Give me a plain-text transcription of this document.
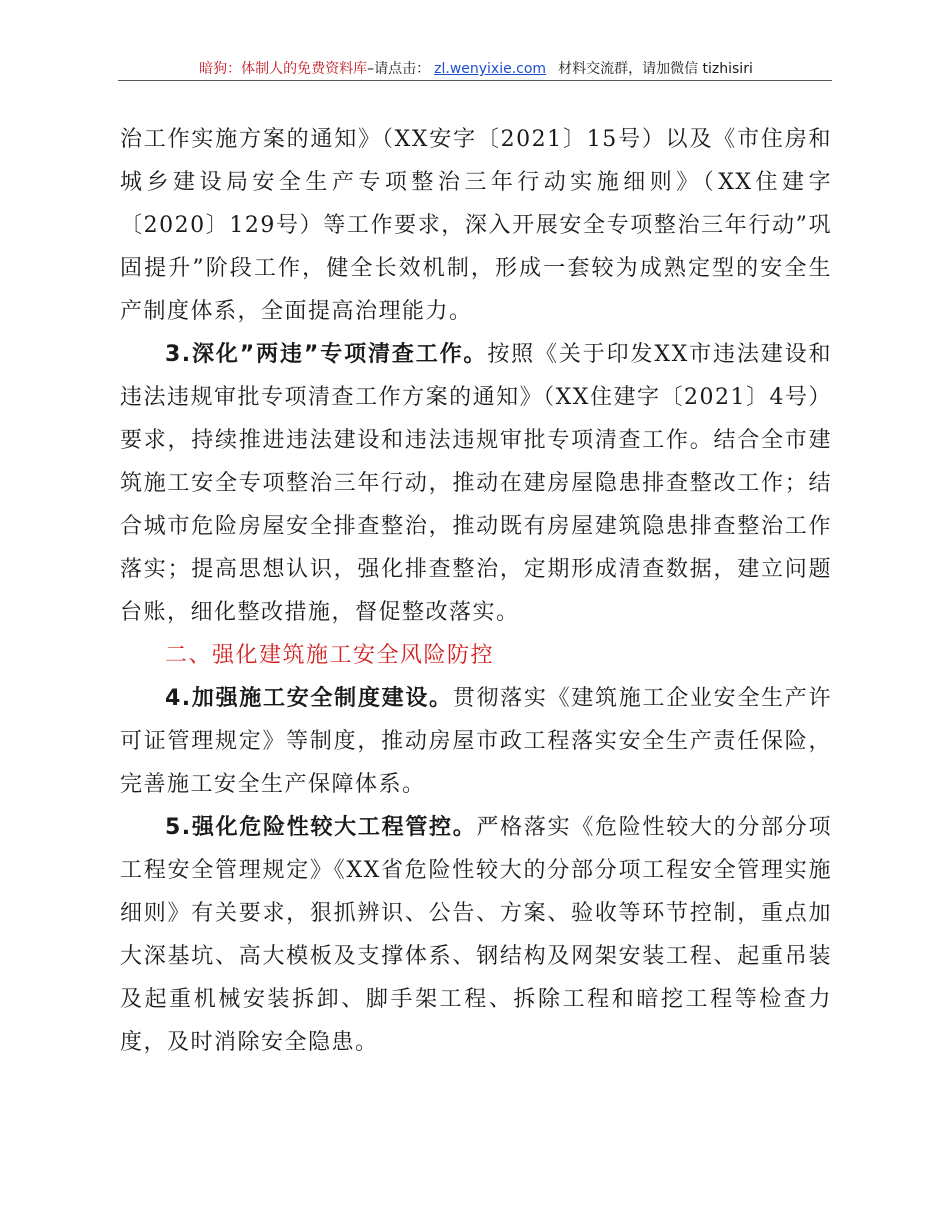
暗狗：体制人的免费资料库–请点击： zl.wenyixie.com 材料交流群，请加微信 tizhisiri

治工作实施方案的通知》（XX安字〔2021〕15号）以及《市住房和城乡建设局安全生产专项整治三年行动实施细则》（XX住建字〔2020〕129号）等工作要求，深入开展安全专项整治三年行动”巩固提升”阶段工作，健全长效机制，形成一套较为成熟定型的安全生产制度体系，全面提高治理能力。

3.深化”两违”专项清查工作。按照《关于印发XX市违法建设和违法违规审批专项清查工作方案的通知》（XX住建字〔2021〕4号）要求，持续推进违法建设和违法违规审批专项清查工作。结合全市建筑施工安全专项整治三年行动，推动在建房屋隐患排查整改工作；结合城市危险房屋安全排查整治，推动既有房屋建筑隐患排查整治工作落实；提高思想认识，强化排查整治，定期形成清查数据，建立问题台账，细化整改措施，督促整改落实。

二、强化建筑施工安全风险防控

4.加强施工安全制度建设。贯彻落实《建筑施工企业安全生产许可证管理规定》等制度，推动房屋市政工程落实安全生产责任保险，完善施工安全生产保障体系。

5.强化危险性较大工程管控。严格落实《危险性较大的分部分项工程安全管理规定》《XX省危险性较大的分部分项工程安全管理实施细则》有关要求，狠抓辨识、公告、方案、验收等环节控制，重点加大深基坑、高大模板及支撑体系、钢结构及网架安装工程、起重吊装及起重机械安装拆卸、脚手架工程、拆除工程和暗挖工程等检查力度，及时消除安全隐患。
